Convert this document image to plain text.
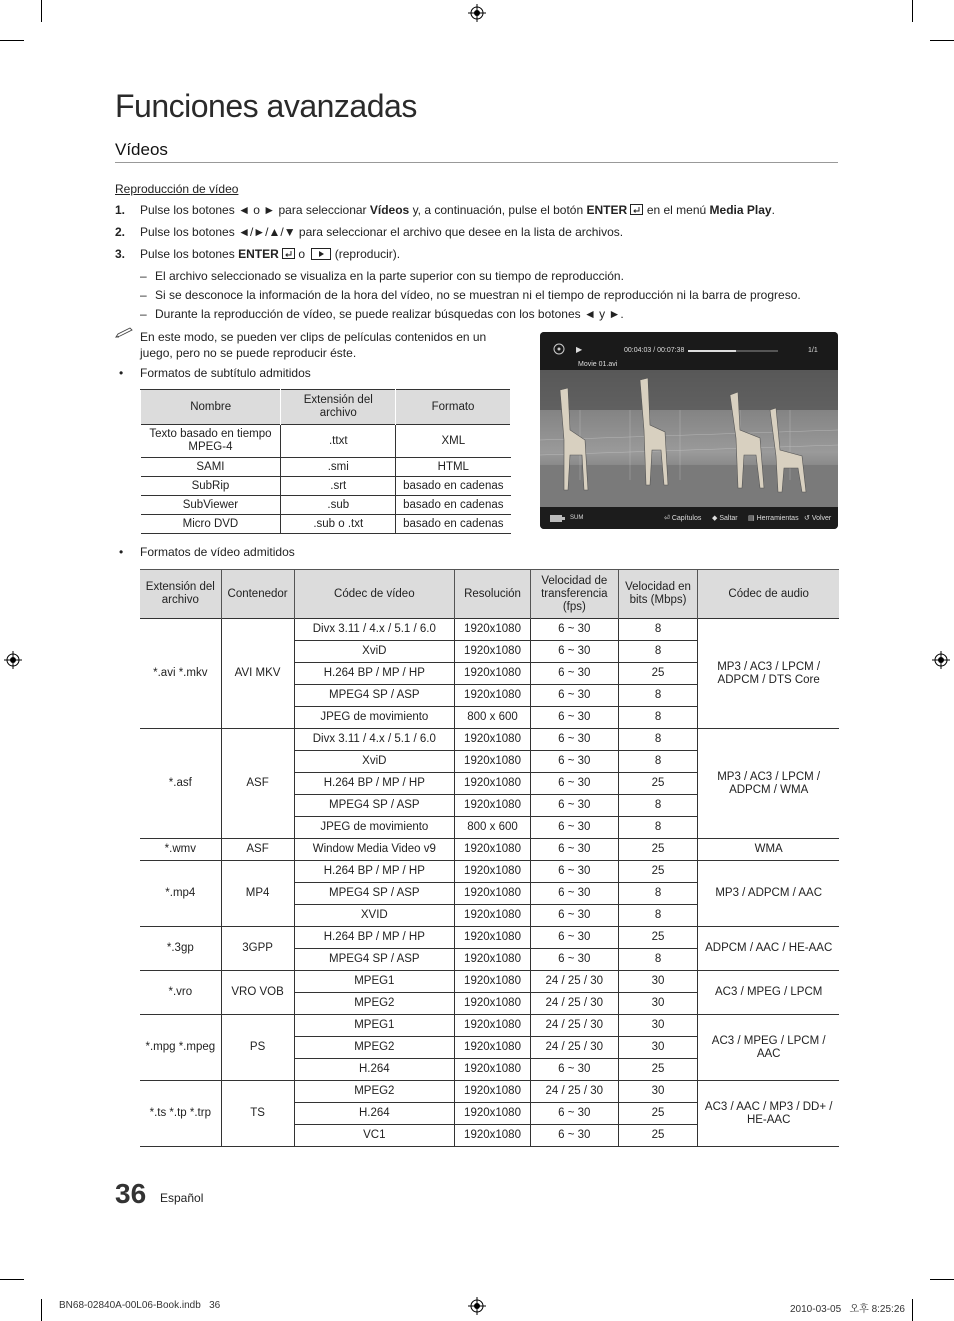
Funciones avanzadas
Vídeos
Reproducción de vídeo
1. Pulse los botones ◄ o ► para seleccionar Vídeos y, a continuación, pulse el botón ENTER  en el menú Media Play.
2. Pulse los botones ◄/►/▲/▼ para seleccionar el archivo que desee en la lista de archivos.
3. Pulse los botones ENTER  o  (reproducir).
– El archivo seleccionado se visualiza en la parte superior con su tiempo de reproducción.
– Si se desconoce la información de la hora del vídeo, no se muestran ni el tiempo de reproducción ni la barra de progreso.
– Durante la reproducción de vídeo, se puede realizar búsquedas con los botones ◄ y ►.
En este modo, se pueden ver clips de películas contenidos en un
juego, pero no se puede reproducir éste.
• Formatos de subtítulo admitidos
Nombre	Extensión del archivo	Formato
Texto basado en tiempo MPEG-4	.ttxt	XML
SAMI	.smi	HTML
SubRip	.srt	basado en cadenas
SubViewer	.sub	basado en cadenas
Micro DVD	.sub o .txt	basado en cadenas
▶	00:04:03 / 00:07:38	1/1
Movie 01.avi
SUM	⏎ Capítulos ◆ Saltar ▤ Herramientas ↺ Volver
• Formatos de vídeo admitidos
Extensión del archivo	Contenedor	Códec de vídeo	Resolución	Velocidad de transferencia (fps)	Velocidad en bits (Mbps)	Códec de audio
*.avi *.mkv	AVI MKV	Divx 3.11 / 4.x / 5.1 / 6.0	1920x1080	6 ~ 30	8	MP3 / AC3 / LPCM / ADPCM / DTS Core
		XviD	1920x1080	6 ~ 30	8	
		H.264 BP / MP / HP	1920x1080	6 ~ 30	25	
		MPEG4 SP / ASP	1920x1080	6 ~ 30	8	
		JPEG de movimiento	800 x 600	6 ~ 30	8	
*.asf	ASF	Divx 3.11 / 4.x / 5.1 / 6.0	1920x1080	6 ~ 30	8	MP3 / AC3 / LPCM / ADPCM / WMA
		XviD	1920x1080	6 ~ 30	8	
		H.264 BP / MP / HP	1920x1080	6 ~ 30	25	
		MPEG4 SP / ASP	1920x1080	6 ~ 30	8	
		JPEG de movimiento	800 x 600	6 ~ 30	8	
*.wmv	ASF	Window Media Video v9	1920x1080	6 ~ 30	25	WMA
*.mp4	MP4	H.264 BP / MP / HP	1920x1080	6 ~ 30	25	MP3 / ADPCM / AAC
		MPEG4 SP / ASP	1920x1080	6 ~ 30	8	
		XVID	1920x1080	6 ~ 30	8	
*.3gp	3GPP	H.264 BP / MP / HP	1920x1080	6 ~ 30	25	ADPCM / AAC / HE-AAC
		MPEG4 SP / ASP	1920x1080	6 ~ 30	8	
*.vro	VRO VOB	MPEG1	1920x1080	24 / 25 / 30	30	AC3 / MPEG / LPCM
		MPEG2	1920x1080	24 / 25 / 30	30	
*.mpg *.mpeg	PS	MPEG1	1920x1080	24 / 25 / 30	30	AC3 / MPEG / LPCM / AAC
		MPEG2	1920x1080	24 / 25 / 30	30	
		H.264	1920x1080	6 ~ 30	25	
*.ts *.tp *.trp	TS	MPEG2	1920x1080	24 / 25 / 30	30	AC3 / AAC / MP3 / DD+ / HE-AAC
		H.264	1920x1080	6 ~ 30	25	
		VC1	1920x1080	6 ~ 30	25	
36 Español
BN68-02840A-00L06-Book.indb   36	2010-03-05   오후 8:25:26
